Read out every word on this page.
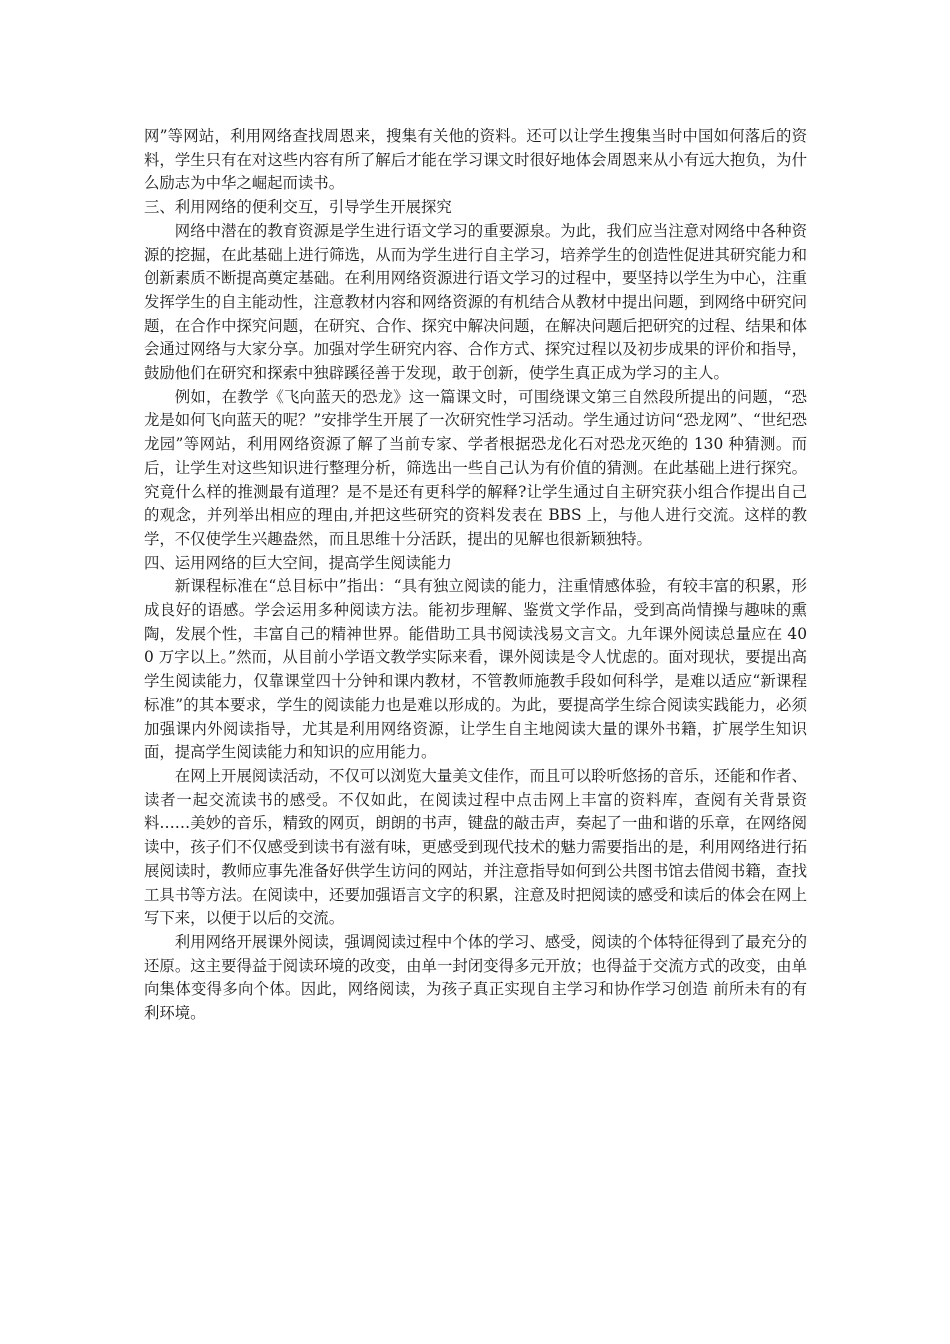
网”等网站，利用网络查找周恩来，搜集有关他的资料。还可以让学生搜集当时中国如何落后的资料，学生只有在对这些内容有所了解后才能在学习课文时很好地体会周恩来从小有远大抱负，为什么励志为中华之崛起而读书。

三、利用网络的便利交互，引导学生开展探究

网络中潜在的教育资源是学生进行语文学习的重要源泉。为此，我们应当注意对网络中各种资源的挖掘，在此基础上进行筛选，从而为学生进行自主学习，培养学生的创造性促进其研究能力和创新素质不断提高奠定基础。在利用网络资源进行语文学习的过程中，要坚持以学生为中心，注重发挥学生的自主能动性，注意教材内容和网络资源的有机结合从教材中提出问题，到网络中研究问题，在合作中探究问题，在研究、合作、探究中解决问题，在解决问题后把研究的过程、结果和体会通过网络与大家分享。加强对学生研究内容、合作方式、探究过程以及初步成果的评价和指导，鼓励他们在研究和探索中独辟蹊径善于发现，敢于创新，使学生真正成为学习的主人。

例如，在教学《飞向蓝天的恐龙》这一篇课文时，可围绕课文第三自然段所提出的问题，“恐龙是如何飞向蓝天的呢？”安排学生开展了一次研究性学习活动。学生通过访问“恐龙网”、“世纪恐龙园”等网站，利用网络资源了解了当前专家、学者根据恐龙化石对恐龙灭绝的 130 种猜测。而后，让学生对这些知识进行整理分析，筛选出一些自己认为有价值的猜测。在此基础上进行探究。究竟什么样的推测最有道理？是不是还有更科学的解释?让学生通过自主研究获小组合作提出自己的观念，并列举出相应的理由,并把这些研究的资料发表在 BBS 上，与他人进行交流。这样的教学，不仅使学生兴趣盎然，而且思维十分活跃，提出的见解也很新颖独特。

四、运用网络的巨大空间，提高学生阅读能力

新课程标准在“总目标中”指出：“具有独立阅读的能力，注重情感体验，有较丰富的积累，形成良好的语感。学会运用多种阅读方法。能初步理解、鉴赏文学作品，受到高尚情操与趣味的熏陶，发展个性，丰富自己的精神世界。能借助工具书阅读浅易文言文。九年课外阅读总量应在 400 万字以上。”然而，从目前小学语文教学实际来看，课外阅读是令人忧虑的。面对现状，要提出高学生阅读能力，仅靠课堂四十分钟和课内教材，不管教师施教手段如何科学，是难以适应“新课程标准”的其本要求，学生的阅读能力也是难以形成的。为此，要提高学生综合阅读实践能力，必须加强课内外阅读指导，尤其是利用网络资源，让学生自主地阅读大量的课外书籍，扩展学生知识面，提高学生阅读能力和知识的应用能力。

在网上开展阅读活动，不仅可以浏览大量美文佳作，而且可以聆听悠扬的音乐，还能和作者、读者一起交流读书的感受。不仅如此，在阅读过程中点击网上丰富的资料库，查阅有关背景资料……美妙的音乐，精致的网页，朗朗的书声，键盘的敲击声，奏起了一曲和谐的乐章，在网络阅读中，孩子们不仅感受到读书有滋有味，更感受到现代技术的魅力需要指出的是，利用网络进行拓展阅读时，教师应事先准备好供学生访问的网站，并注意指导如何到公共图书馆去借阅书籍，查找工具书等方法。在阅读中，还要加强语言文字的积累，注意及时把阅读的感受和读后的体会在网上写下来，以便于以后的交流。

利用网络开展课外阅读，强调阅读过程中个体的学习、感受，阅读的个体特征得到了最充分的还原。这主要得益于阅读环境的改变，由单一封闭变得多元开放；也得益于交流方式的改变，由单向集体变得多向个体。因此，网络阅读，为孩子真正实现自主学习和协作学习创造 前所未有的有利环境。
